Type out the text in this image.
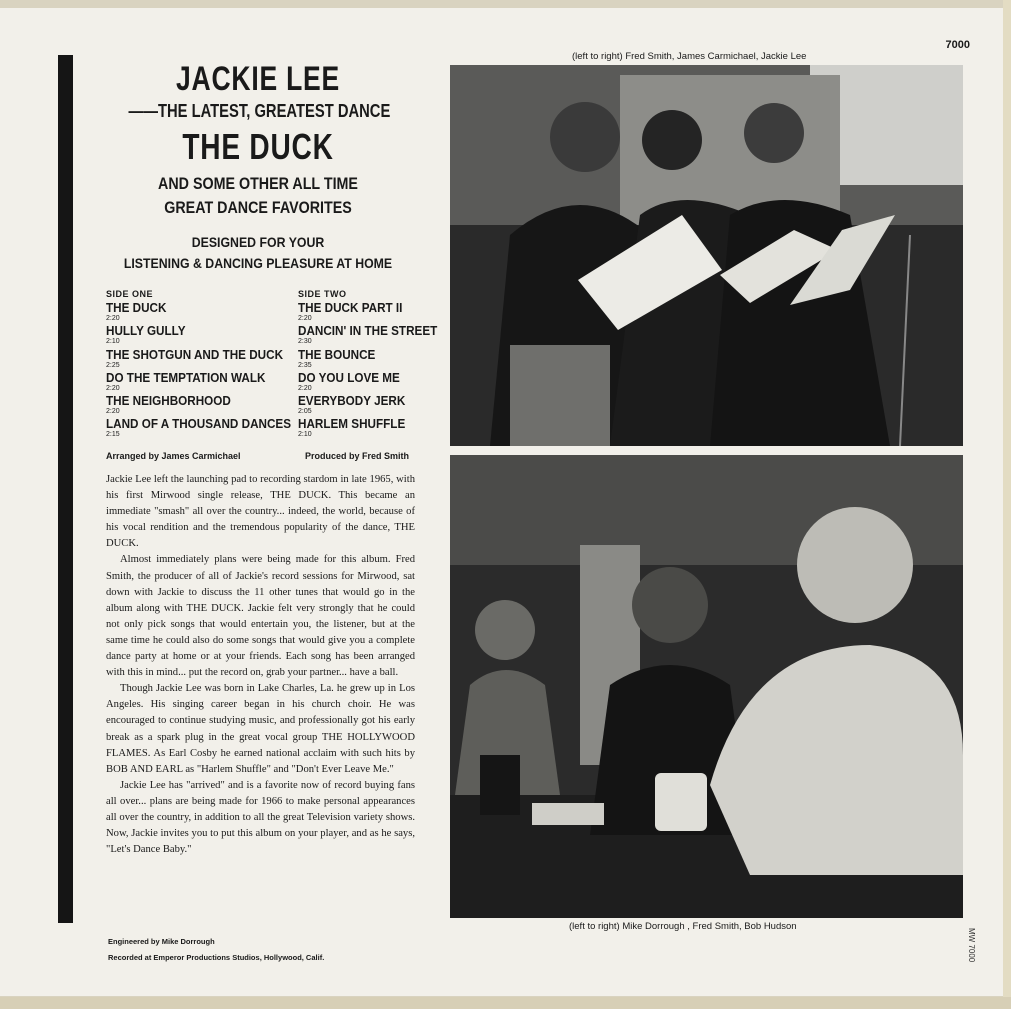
7000
MW 7000
JACKIE LEE
——THE LATEST, GREATEST DANCE
THE DUCK
AND SOME OTHER ALL TIME
GREAT DANCE FAVORITES
DESIGNED FOR YOUR
LISTENING & DANCING PLEASURE AT HOME
SIDE ONE
THE DUCK
2:20
HULLY GULLY
2:10
THE SHOTGUN AND THE DUCK
2:25
DO THE TEMPTATION WALK
2:20
THE NEIGHBORHOOD
2:20
LAND OF A THOUSAND DANCES
2:15
SIDE TWO
THE DUCK PART II
2:20
DANCIN' IN THE STREET
2:30
THE BOUNCE
2:35
DO YOU LOVE ME
2:20
EVERYBODY JERK
2:05
HARLEM SHUFFLE
2:10
Arranged by James Carmichael	Produced by Fred Smith

Jackie Lee left the launching pad to recording stardom in late 1965, with his first Mirwood single release, THE DUCK. This became an immediate "smash" all over the country... indeed, the world, because of his vocal rendition and the tremendous popularity of the dance, THE DUCK.

Almost immediately plans were being made for this album. Fred Smith, the producer of all of Jackie's record sessions for Mirwood, sat down with Jackie to discuss the 11 other tunes that would go in the album along with THE DUCK. Jackie felt very strongly that he could not only pick songs that would entertain you, the listener, but at the same time he could also do some songs that would give you a complete dance party at home or at your friends. Each song has been arranged with this in mind... put the record on, grab your partner... have a ball.

Though Jackie Lee was born in Lake Charles, La. he grew up in Los Angeles. His singing career began in his church choir. He was encouraged to continue studying music, and professionally got his early break as a spark plug in the great vocal group THE HOLLYWOOD FLAMES. As Earl Cosby he earned national acclaim with such hits by BOB AND EARL as "Harlem Shuffle" and "Don't Ever Leave Me."

Jackie Lee has "arrived" and is a favorite now of record buying fans all over... plans are being made for 1966 to make personal appearances all over the country, in addition to all the great Television variety shows. Now, Jackie invites you to put this album on your player, and as he says, "Let's Dance Baby."

Engineered by Mike Dorrough
Recorded at Emperor Productions Studios, Hollywood, Calif.
(left to right) Fred Smith, James Carmichael, Jackie Lee
(left to right) Mike Dorrough , Fred Smith, Bob Hudson
